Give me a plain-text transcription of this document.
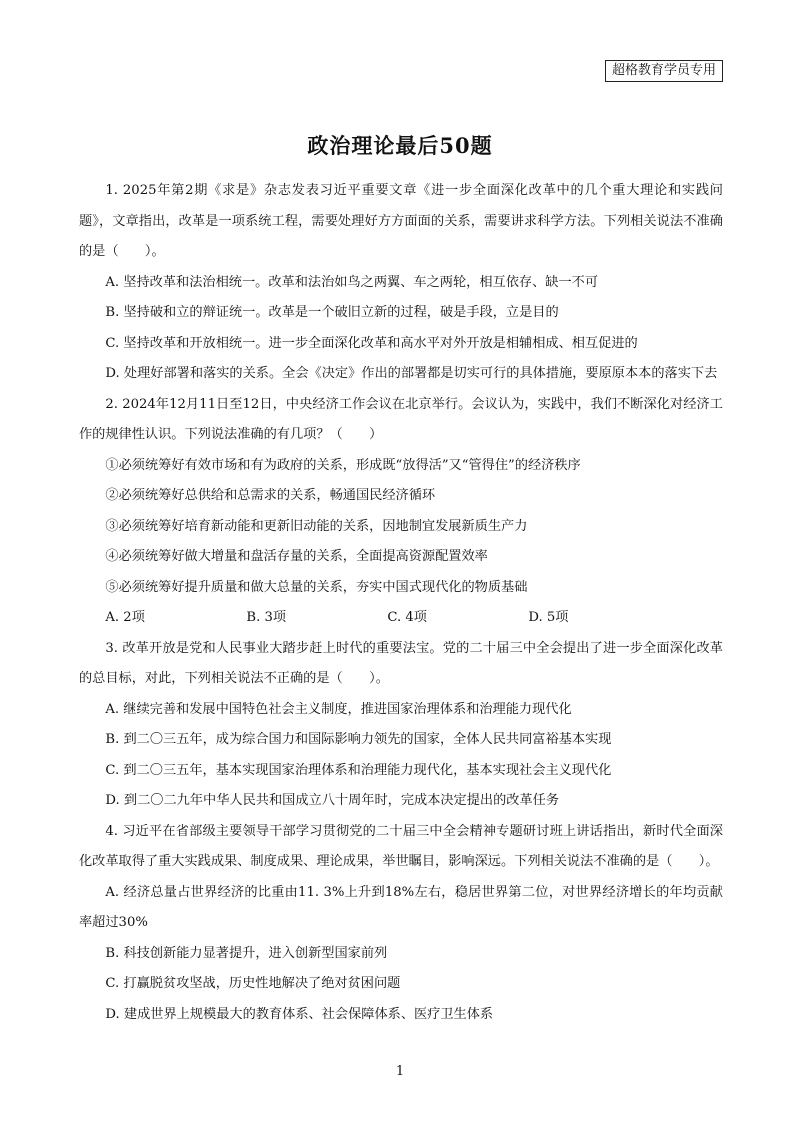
超格教育学员专用
政治理论最后50题

1. 2025年第2期《求是》杂志发表习近平重要文章《进一步全面深化改革中的几个重大理论和实践问题》，文章指出，改革是一项系统工程，需要处理好方方面面的关系，需要讲求科学方法。下列相关说法不准确的是（　　）。

A. 坚持改革和法治相统一。改革和法治如鸟之两翼、车之两轮，相互依存、缺一不可

B. 坚持破和立的辩证统一。改革是一个破旧立新的过程，破是手段，立是目的

C. 坚持改革和开放相统一。进一步全面深化改革和高水平对外开放是相辅相成、相互促进的

D. 处理好部署和落实的关系。全会《决定》作出的部署都是切实可行的具体措施，要原原本本的落实下去

2. 2024年12月11日至12日，中央经济工作会议在北京举行。会议认为，实践中，我们不断深化对经济工作的规律性认识。下列说法准确的有几项？（　　）

①必须统筹好有效市场和有为政府的关系，形成既“放得活”又“管得住”的经济秩序

②必须统筹好总供给和总需求的关系，畅通国民经济循环

③必须统筹好培育新动能和更新旧动能的关系，因地制宜发展新质生产力

④必须统筹好做大增量和盘活存量的关系，全面提高资源配置效率

⑤必须统筹好提升质量和做大总量的关系，夯实中国式现代化的物质基础

A. 2项	B. 3项	C. 4项	D. 5项

3. 改革开放是党和人民事业大踏步赶上时代的重要法宝。党的二十届三中全会提出了进一步全面深化改革的总目标，对此，下列相关说法不正确的是（　　）。

A. 继续完善和发展中国特色社会主义制度，推进国家治理体系和治理能力现代化

B. 到二〇三五年，成为综合国力和国际影响力领先的国家，全体人民共同富裕基本实现

C. 到二〇三五年，基本实现国家治理体系和治理能力现代化，基本实现社会主义现代化

D. 到二〇二九年中华人民共和国成立八十周年时，完成本决定提出的改革任务

4. 习近平在省部级主要领导干部学习贯彻党的二十届三中全会精神专题研讨班上讲话指出，新时代全面深化改革取得了重大实践成果、制度成果、理论成果，举世瞩目，影响深远。下列相关说法不准确的是（　　）。

A. 经济总量占世界经济的比重由11. 3%上升到18%左右，稳居世界第二位，对世界经济增长的年均贡献率超过30%

B. 科技创新能力显著提升，进入创新型国家前列

C. 打赢脱贫攻坚战，历史性地解决了绝对贫困问题

D. 建成世界上规模最大的教育体系、社会保障体系、医疗卫生体系

1
